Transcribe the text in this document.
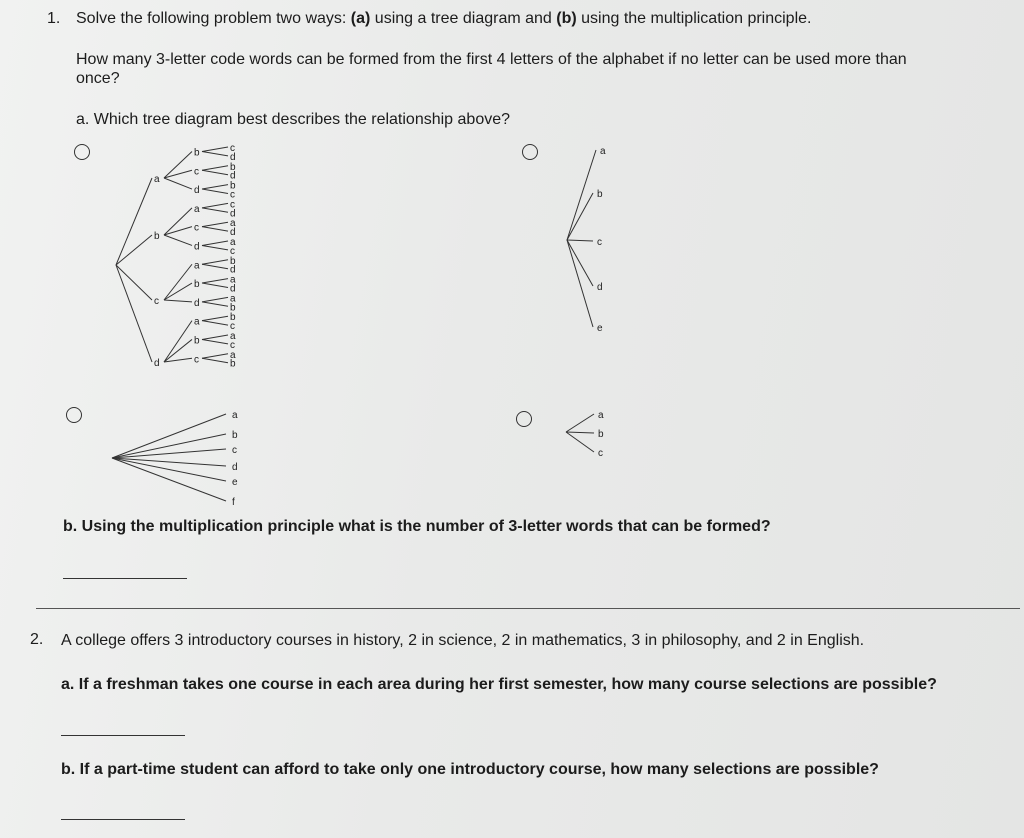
1. Solve the following problem two ways: (a) using a tree diagram and (b) using the multiplication principle.
How many 3-letter code words can be formed from the first 4 letters of the alphabet if no letter can be used more than
once?
a. Which tree diagram best describes the relationship above?
a
b	c
d
c	b
d
d	b
c
b
a	c
d
c	a
d
d	a
c
c
a	b
d
b	a
d
d	a
b
d
a	b
c
b	a
c
c	a
b
a
b
c
d
e
a
b
c
d
e
f
a
b
c
b. Using the multiplication principle what is the number of 3-letter words that can be formed?
2. A college offers 3 introductory courses in history, 2 in science, 2 in mathematics, 3 in philosophy, and 2 in English.
a. If a freshman takes one course in each area during her first semester, how many course selections are possible?
b. If a part-time student can afford to take only one introductory course, how many selections are possible?
